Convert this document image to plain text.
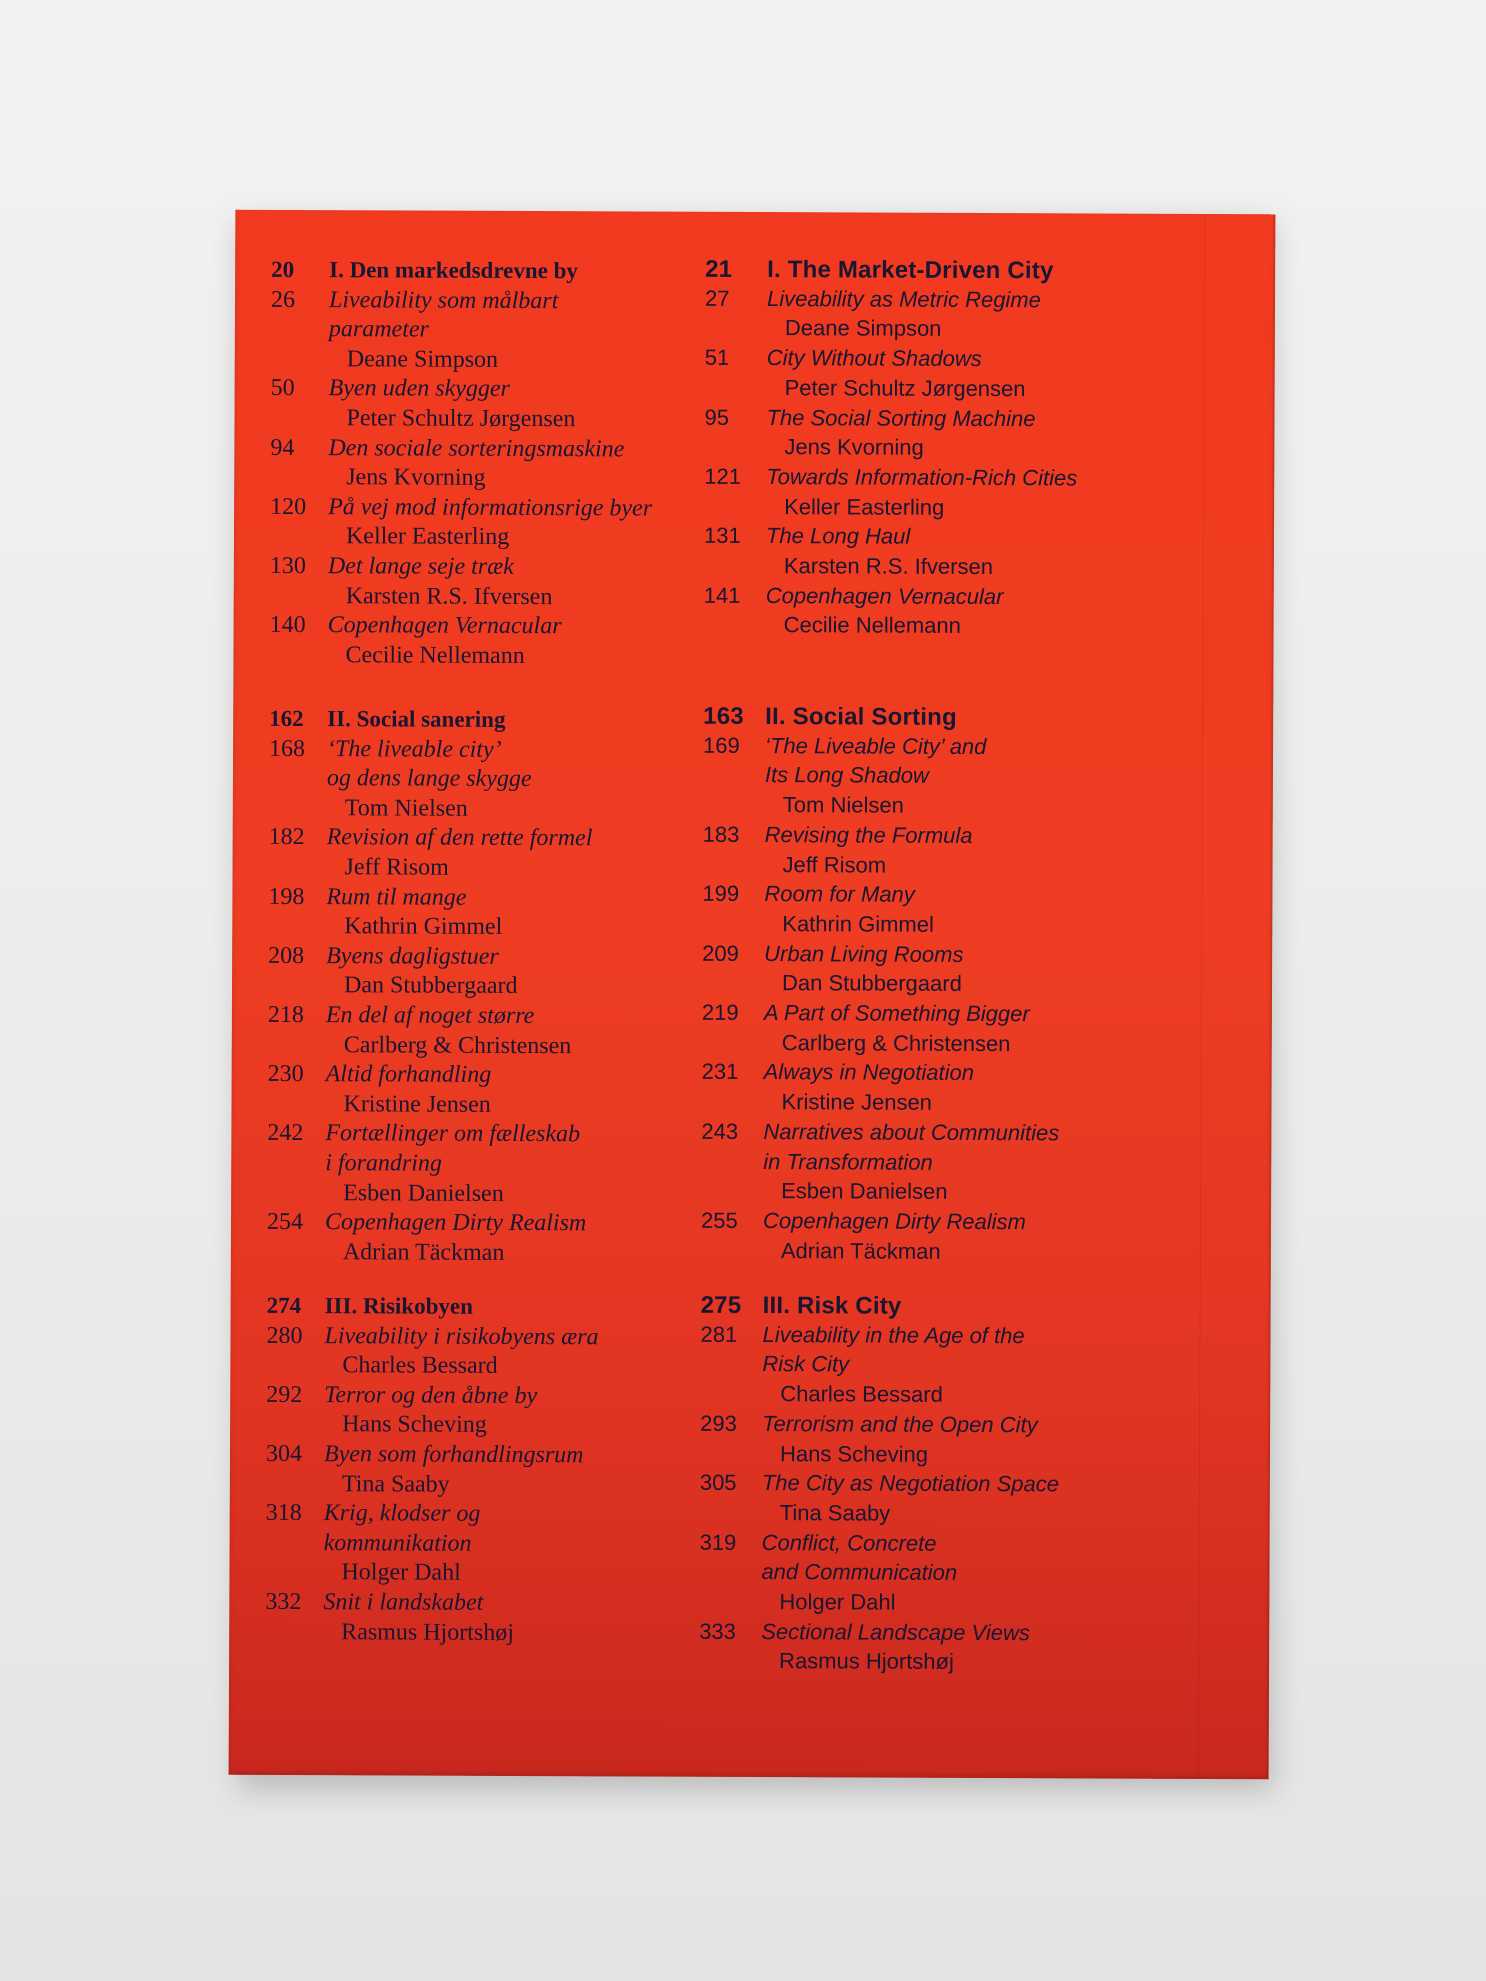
20 I. Den markedsdrevne by
26 Liveability som målbart
parameter
Deane Simpson
50 Byen uden skygger
Peter Schultz Jørgensen
94 Den sociale sorteringsmaskine
Jens Kvorning
120 På vej mod informationsrige byer
Keller Easterling
130 Det lange seje træk
Karsten R.S. Ifversen
140 Copenhagen Vernacular
Cecilie Nellemann
162 II. Social sanering
168 ‘The liveable city’
og dens lange skygge
Tom Nielsen
182 Revision af den rette formel
Jeff Risom
198 Rum til mange
Kathrin Gimmel
208 Byens dagligstuer
Dan Stubbergaard
218 En del af noget større
Carlberg & Christensen
230 Altid forhandling
Kristine Jensen
242 Fortællinger om fælleskab
i forandring
Esben Danielsen
254 Copenhagen Dirty Realism
Adrian Täckman
274 III. Risikobyen
280 Liveability i risikobyens æra
Charles Bessard
292 Terror og den åbne by
Hans Scheving
304 Byen som forhandlingsrum
Tina Saaby
318 Krig, klodser og
kommunikation
Holger Dahl
332 Snit i landskabet
Rasmus Hjortshøj
21 I. The Market-Driven City
27 Liveability as Metric Regime
Deane Simpson
51 City Without Shadows
Peter Schultz Jørgensen
95 The Social Sorting Machine
Jens Kvorning
121 Towards Information-Rich Cities
Keller Easterling
131 The Long Haul
Karsten R.S. Ifversen
141 Copenhagen Vernacular
Cecilie Nellemann
163 II. Social Sorting
169 ‘The Liveable City’ and
Its Long Shadow
Tom Nielsen
183 Revising the Formula
Jeff Risom
199 Room for Many
Kathrin Gimmel
209 Urban Living Rooms
Dan Stubbergaard
219 A Part of Something Bigger
Carlberg & Christensen
231 Always in Negotiation
Kristine Jensen
243 Narratives about Communities
in Transformation
Esben Danielsen
255 Copenhagen Dirty Realism
Adrian Täckman
275 III. Risk City
281 Liveability in the Age of the
Risk City
Charles Bessard
293 Terrorism and the Open City
Hans Scheving
305 The City as Negotiation Space
Tina Saaby
319 Conflict, Concrete
and Communication
Holger Dahl
333 Sectional Landscape Views
Rasmus Hjortshøj
